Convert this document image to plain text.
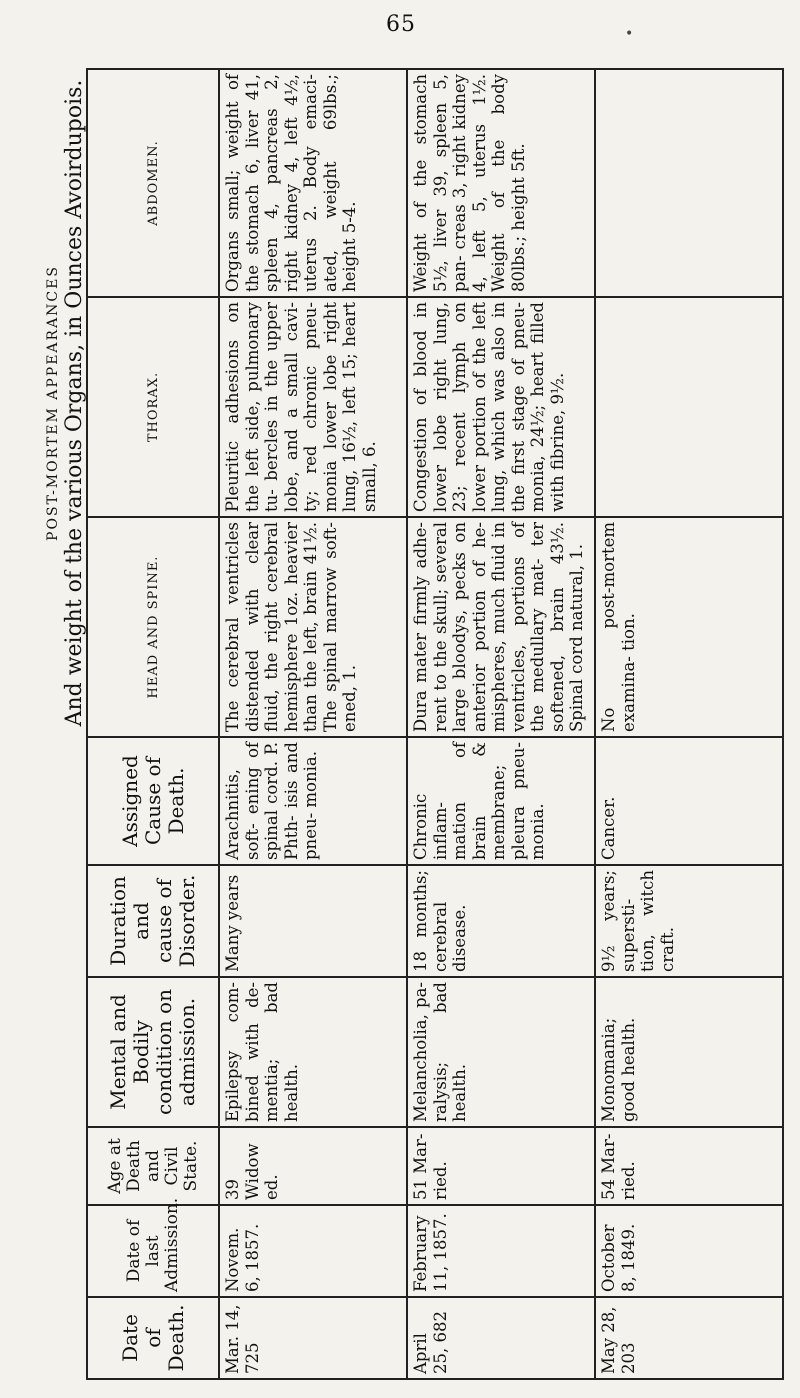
65	•

						POST-MORTEM APPEARANCES And weight of the various Organs, in Ounces Avoirdupois.		

Date of Death.	Date of last Admission.	Age at Death and Civil State.	Mental and Bodily condition on admission.	Duration and cause of Disorder.	Assigned Cause of Death.	HEAD AND SPINE.	THORAX.	ABDOMEN.
Mar. 14, 725	Novem. 6, 1857.	39 Widow ed.	Epilepsy com- bined with de- mentia; bad health.	Many years	Arachnitis, soft- ening of spinal cord. P. Phth- isis and pneu- monia.	The cerebral ventricles distended with clear fluid, the right cerebral hemisphere 1oz. heavier than the left, brain 41½. The spinal marrow soft- ened, 1.	Pleuritic adhesions on the left side, pulmonary tu- bercles in the upper lobe, and a small cavi- ty; red chronic pneu- monia lower lobe right lung, 16½, left 15; heart small, 6.	Organs small; weight of the stomach 6, liver 41, spleen 4, pancreas 2, right kidney 4, left 4½, uterus 2. Body emaci- ated, weight 69lbs.; height 5-4.
April 25, 682	February 11, 1857.	51 Mar- ried.	Melancholia, pa- ralysis; bad health.	18 months; cerebral disease.	Chronic inflam- mation of brain & membrane; pleura pneu- monia.	Dura mater firmly adhe- rent to the skull; several large bloodys, pecks on anterior portion of he- mispheres, much fluid in ventricles, portions of the medullary mat- ter softened, brain 43½. Spinal cord natural, 1.	Congestion of blood in lower lobe right lung, 23; recent lymph on lower portion of the left lung, which was also in the first stage of pneu- monia, 24½; heart filled with fibrine, 9½.	Weight of the stomach 5½, liver 39, spleen 5, pan- creas 3, right kidney 4, left 5, uterus 1½. Weight of the body 80lbs.; height 5ft.
May 28, 203	October 8, 1849.	54 Mar- ried.	Monomania; good health.	9½ years; supersti- tion, witch craft.	Cancer.	No post-mortem examina- tion.		
